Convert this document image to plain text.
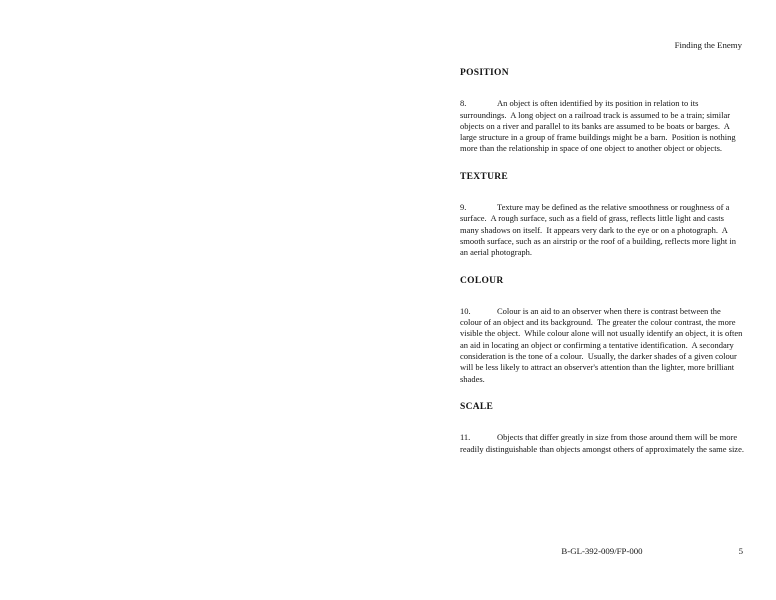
Finding the Enemy
POSITION

8.	An object is often identified by its position in relation to its surroundings.  A long object on a railroad track is assumed to be a train; similar objects on a river and parallel to its banks are assumed to be boats or barges.  A large structure in a group of frame buildings might be a barn.  Position is nothing more than the relationship in space of one object to another object or objects.

TEXTURE

9.	Texture may be defined as the relative smoothness or roughness of a surface.  A rough surface, such as a field of grass, reflects little light and casts many shadows on itself.  It appears very dark to the eye or on a photograph.  A smooth surface, such as an airstrip or the roof of a building, reflects more light in an aerial photograph.

COLOUR

10.	Colour is an aid to an observer when there is contrast between the colour of an object and its background.  The greater the colour contrast, the more visible the object.  While colour alone will not usually identify an object, it is often an aid in locating an object or confirming a tentative identification.  A secondary consideration is the tone of a colour.  Usually, the darker shades of a given colour will be less likely to attract an observer's attention than the lighter, more brilliant shades.

SCALE

11.	Objects that differ greatly in size from those around them will be more readily distinguishable than objects amongst others of approximately the same size.

B-GL-392-009/FP-000	5
